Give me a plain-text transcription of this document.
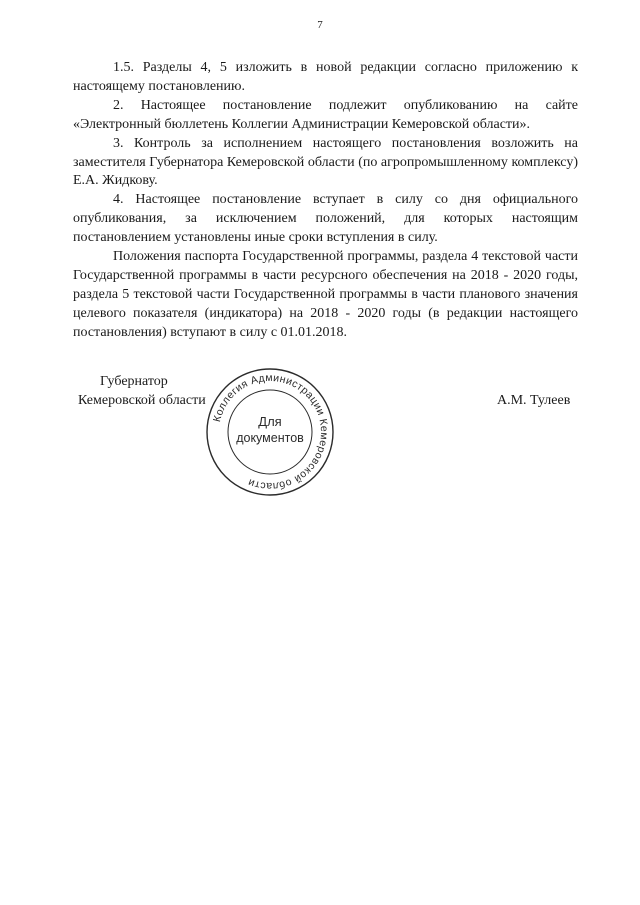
7

1.5. Разделы 4, 5 изложить в новой редакции согласно приложению к настоящему постановлению.

2. Настоящее постановление подлежит опубликованию на сайте «Электронный бюллетень Коллегии Администрации Кемеровской области».

3. Контроль за исполнением настоящего постановления возложить на заместителя Губернатора Кемеровской области (по агропромышленному комплексу) Е.А. Жидкову.

4. Настоящее постановление вступает в силу со дня официального опубликования, за исключением положений, для которых настоящим постановлением установлены иные сроки вступления в силу.

Положения паспорта Государственной программы, раздела 4 текстовой части Государственной программы в части ресурсного обеспечения на 2018 - 2020 годы, раздела 5 текстовой части Государственной программы в части планового значения целевого показателя (индикатора) на 2018 - 2020 годы (в редакции настоящего постановления) вступают в силу с 01.01.2018.

Губернатор
Кемеровской области
Коллегия Администрации Кемеровской области
Для
документов
А.М. Тулеев
